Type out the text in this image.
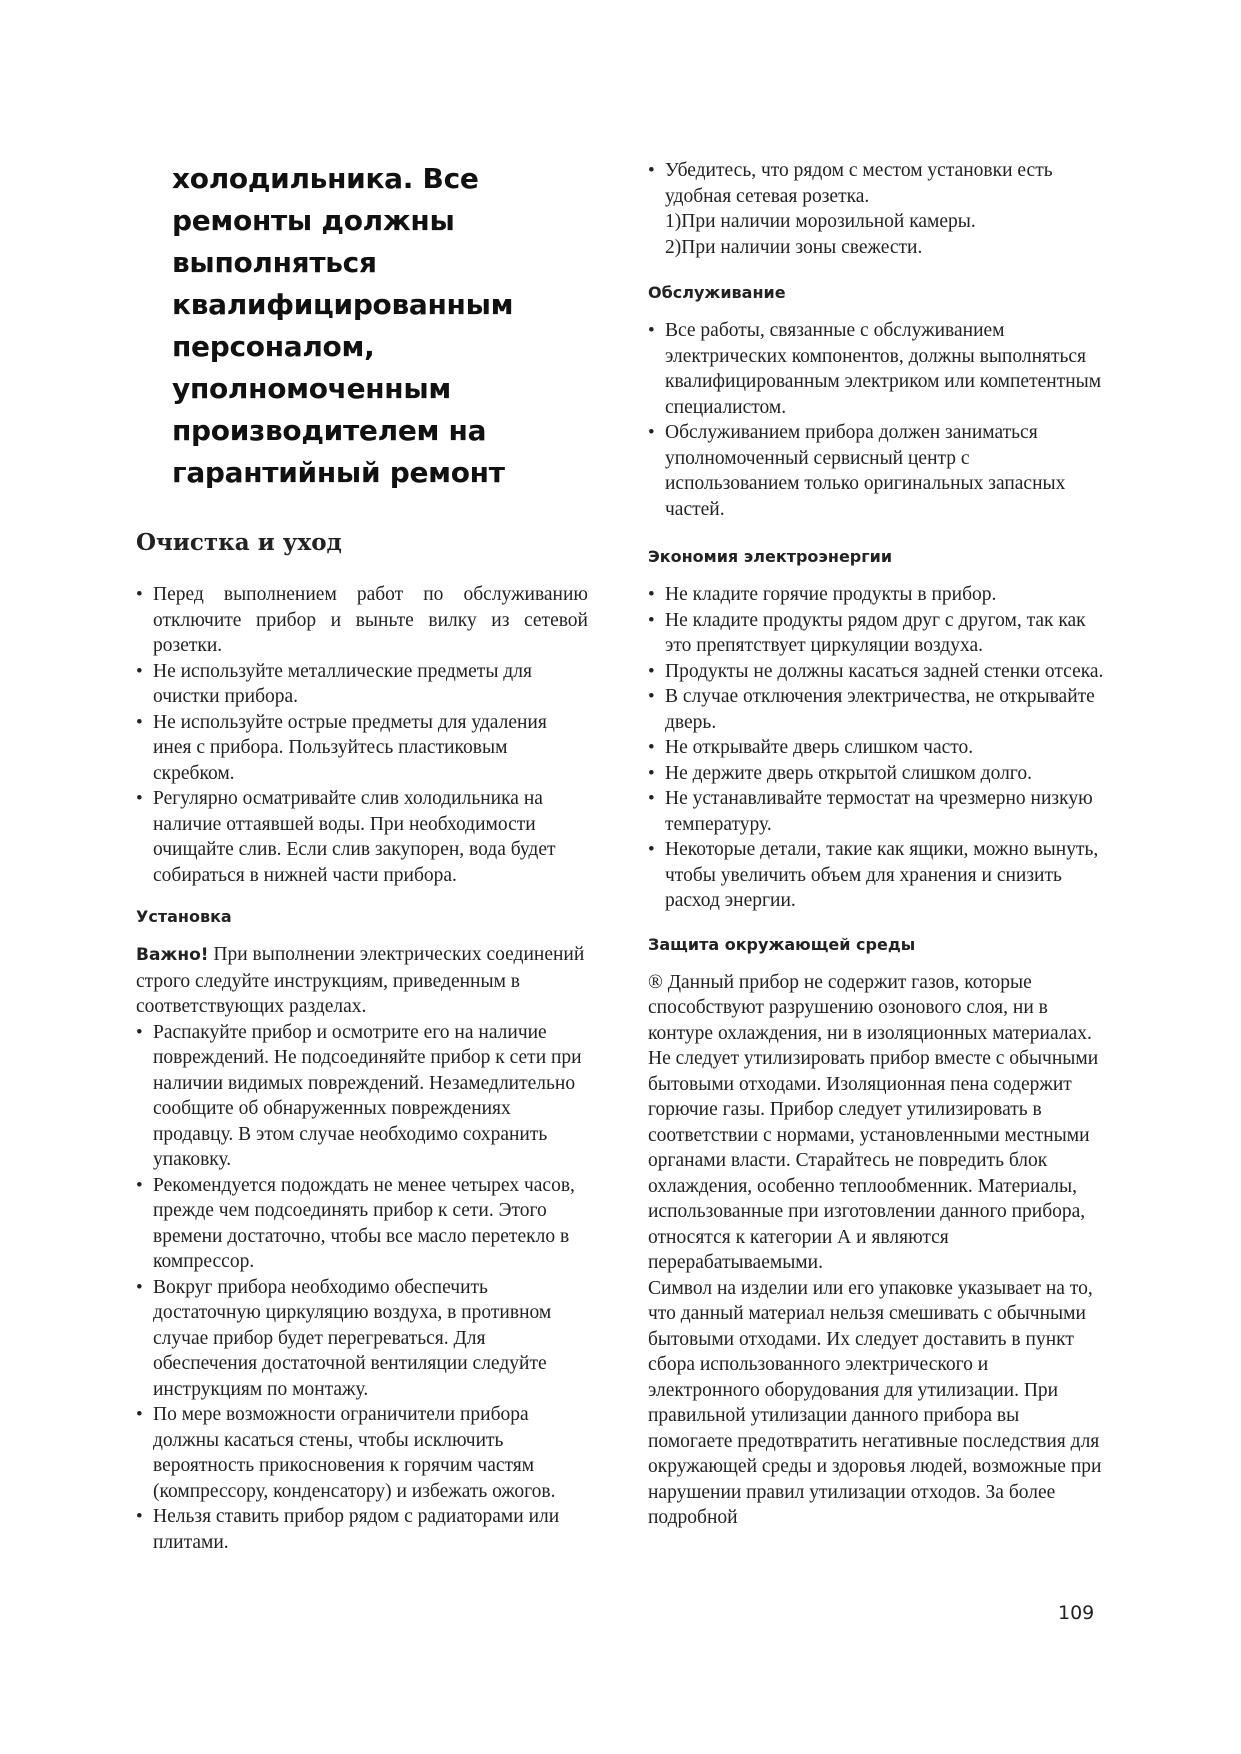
холодильника. Все
ремонты должны
выполняться
квалифицированным
персоналом,
уполномоченным
производителем на
гарантийный ремонт
Очистка и уход
• Перед выполнением работ по обслуживанию отключите прибор и выньте вилку из сетевой розетки.
• Не используйте металлические предметы для очистки прибора.
• Не используйте острые предметы для удаления инея с прибора. Пользуйтесь пластиковым скребком.
• Регулярно осматривайте слив холодильника на наличие оттаявшей воды. При необходимости очищайте слив. Если слив закупорен, вода будет собираться в нижней части прибора.
Установка

Важно! При выполнении электрических соединений строго следуйте инструкциям, приведенным в соответствующих разделах.

• Распакуйте прибор и осмотрите его на наличие повреждений. Не подсоединяйте прибор к сети при наличии видимых повреждений. Незамедлительно сообщите об обнаруженных повреждениях продавцу. В этом случае необходимо сохранить упаковку.
• Рекомендуется подождать не менее четырех часов, прежде чем подсоединять прибор к сети. Этого времени достаточно, чтобы все масло перетекло в компрессор.
• Вокруг прибора необходимо обеспечить достаточную циркуляцию воздуха, в противном случае прибор будет перегреваться. Для обеспечения достаточной вентиляции следуйте инструкциям по монтажу.
• По мере возможности ограничители прибора должны касаться стены, чтобы исключить вероятность прикосновения к горячим частям (компрессору, конденсатору) и избежать ожогов.
• Нельзя ставить прибор рядом с радиаторами или плитами.
• Убедитесь, что рядом с местом установки есть удобная сетевая розетка.
1)При наличии морозильной камеры.
2)При наличии зоны свежести.
Обслуживание
• Все работы, связанные с обслуживанием электрических компонентов, должны выполняться квалифицированным электриком или компетентным специалистом.
• Обслуживанием прибора должен заниматься уполномоченный сервисный центр с использованием только оригинальных запасных частей.
Экономия электроэнергии
• Не кладите горячие продукты в прибор.
• Не кладите продукты рядом друг с другом, так как это препятствует циркуляции воздуха.
• Продукты не должны касаться задней стенки отсека.
• В случае отключения электричества, не открывайте дверь.
• Не открывайте дверь слишком часто.
• Не держите дверь открытой слишком долго.
• Не устанавливайте термостат на чрезмерно низкую температуру.
• Некоторые детали, такие как ящики, можно вынуть, чтобы увеличить объем для хранения и снизить расход энергии.
Защита окружающей среды

® Данный прибор не содержит газов, которые способствуют разрушению озонового слоя, ни в контуре охлаждения, ни в изоляционных материалах. Не следует утилизировать прибор вместе с обычными бытовыми отходами. Изоляционная пена содержит горючие газы. Прибор следует утилизировать в соответствии с нормами, установленными местными органами власти. Старайтесь не повредить блок охлаждения, особенно теплообменник. Материалы, использованные при изготовлении данного прибора, относятся к категории А и являются перерабатываемыми.

Символ на изделии или его упаковке указывает на то, что данный материал нельзя смешивать с обычными бытовыми отходами. Их следует доставить в пункт сбора использованного электрического и электронного оборудования для утилизации. При правильной утилизации данного прибора вы помогаете предотвратить негативные последствия для окружающей среды и здоровья людей, возможные при нарушении правил утилизации отходов. За более подробной

109
